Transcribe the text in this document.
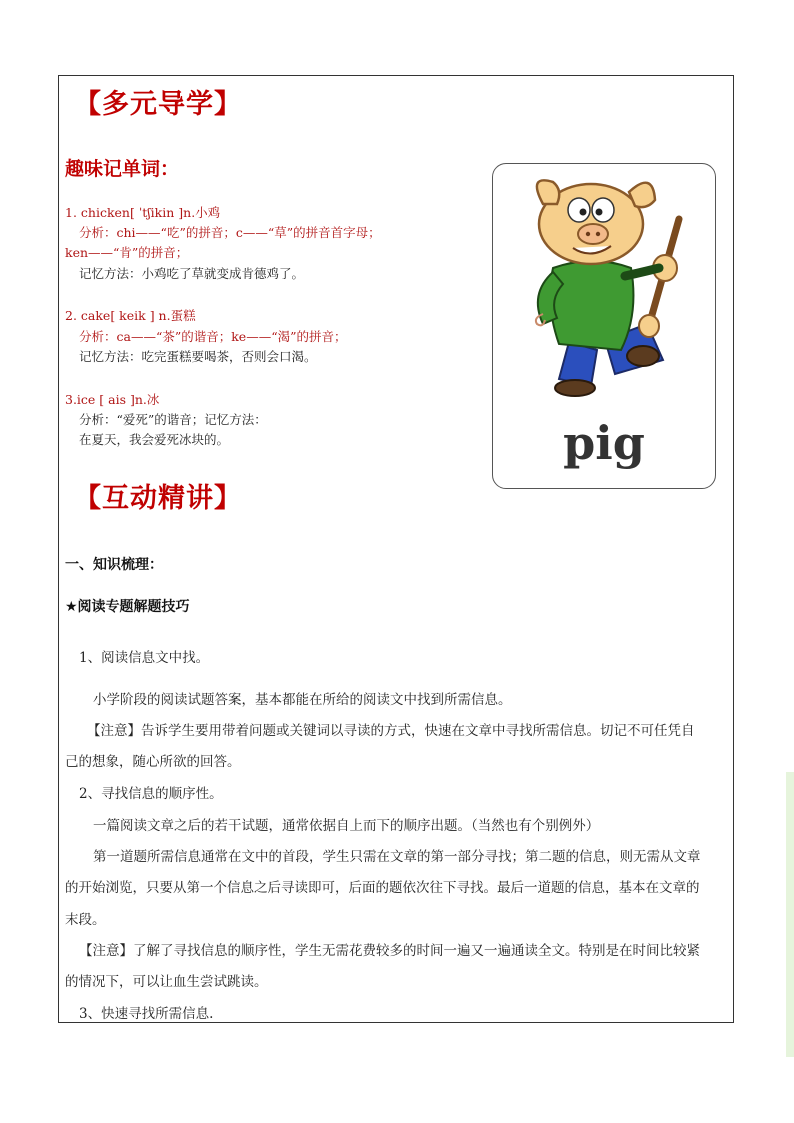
【多元导学】
趣味记单词：
1. chicken[ ˈtʃikin ]n.小鸡
分析：chi——“吃”的拼音；c——“草”的拼音首字母；
ken——“肯”的拼音；
记忆方法：小鸡吃了草就变成肯德鸡了。
2. cake[ keik ] n.蛋糕
分析：ca——“茶”的谐音；ke——“渴”的拼音；
记忆方法：吃完蛋糕要喝茶，否则会口渴。
3.ice [ ais ]n.冰
分析：“爱死”的谐音；记忆方法：
在夏天，我会爱死冰块的。	pig
【互动精讲】
一、知识梳理：
★阅读专题解题技巧
1、阅读信息文中找。
小学阶段的阅读试题答案，基本都能在所给的阅读文中找到所需信息。
【注意】告诉学生要用带着问题或关键词以寻读的方式，快速在文章中寻找所需信息。切记不可任凭自
己的想象，随心所欲的回答。
2、寻找信息的顺序性。
一篇阅读文章之后的若干试题，通常依据自上而下的顺序出题。（当然也有个别例外）
第一道题所需信息通常在文中的首段，学生只需在文章的第一部分寻找；第二题的信息，则无需从文章
的开始浏览，只要从第一个信息之后寻读即可，后面的题依次往下寻找。最后一道题的信息，基本在文章的
末段。
【注意】了解了寻找信息的顺序性，学生无需花费较多的时间一遍又一遍通读全文。特别是在时间比较紧
的情况下，可以让血生尝试跳读。
3、快速寻找所需信息.
